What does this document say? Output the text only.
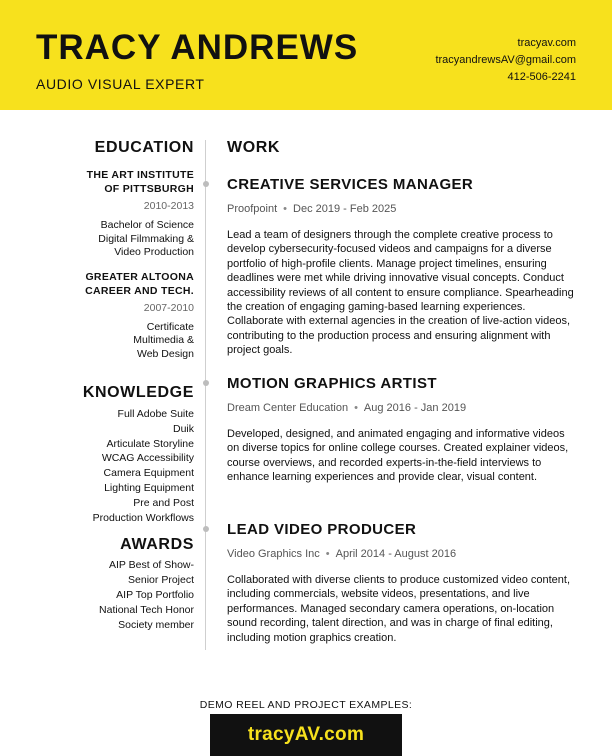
TRACY ANDREWS
AUDIO VISUAL EXPERT
tracyav.com
tracyandrewsAV@gmail.com
412-506-2241
EDUCATION
THE ART INSTITUTE
OF PITTSBURGH
2010-2013
Bachelor of Science
Digital Filmmaking &
Video Production
GREATER ALTOONA
CAREER AND TECH.
2007-2010
Certificate
Multimedia &
Web Design
KNOWLEDGE
Full Adobe Suite
Duik
Articulate Storyline
WCAG Accessibility
Camera Equipment
Lighting Equipment
Pre and Post
Production Workflows
AWARDS
AIP Best of Show-
Senior Project
AIP Top Portfolio
National Tech Honor
Society member
WORK
CREATIVE SERVICES MANAGER
Proofpoint • Dec 2019 - Feb 2025
Lead a team of designers through the complete creative process to develop cybersecurity-focused videos and campaigns for a diverse portfolio of high-profile clients. Manage project timelines, ensuring deadlines were met while driving innovative visual concepts. Conduct accessibility reviews of all content to ensure compliance. Spearheading the creation of engaging gaming-based learning experiences. Collaborate with external agencies in the creation of live-action videos, contributing to the production process and ensuring alignment with project goals.
MOTION GRAPHICS ARTIST
Dream Center Education • Aug 2016 - Jan 2019
Developed, designed, and animated engaging and informative videos on diverse topics for online college courses. Created explainer videos, course overviews, and recorded experts-in-the-field interviews to enhance learning experiences and provide clear, visual content.
LEAD VIDEO PRODUCER
Video Graphics Inc • April 2014 - August 2016
Collaborated with diverse clients to produce customized video content, including commercials, website videos, presentations, and live performances. Managed secondary camera operations, on-location sound recording, talent direction, and was in charge of final editing, including motion graphics creation.
DEMO REEL AND PROJECT EXAMPLES:
tracyAV.com
